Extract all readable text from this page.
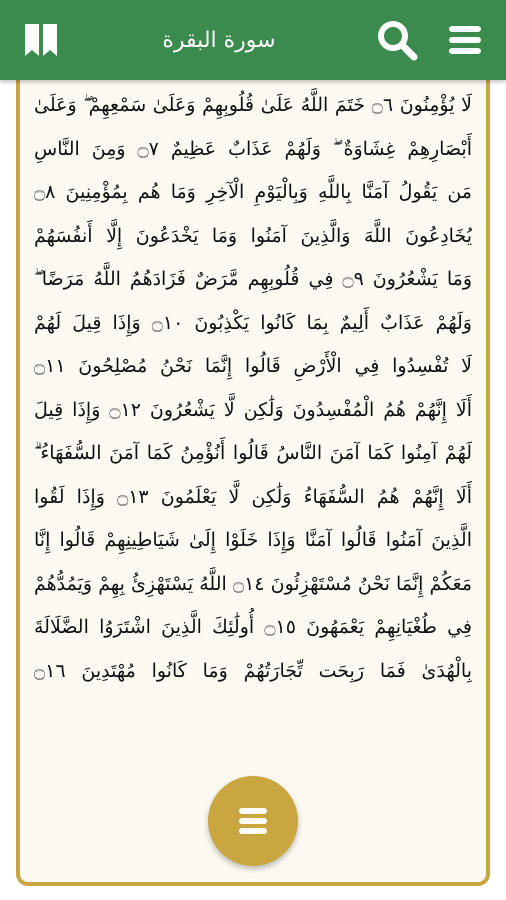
سورة البقرة
لَا يُؤْمِنُونَ ۝٦ خَتَمَ اللَّهُ عَلَىٰ قُلُوبِهِمْ وَعَلَىٰ سَمْعِهِمْ ۖ وَعَلَىٰ
أَبْصَارِهِمْ غِشَاوَةٌ ۖ وَلَهُمْ عَذَابٌ عَظِيمٌ ۝٧ وَمِنَ النَّاسِ
مَن يَقُولُ آمَنَّا بِاللَّهِ وَبِالْيَوْمِ الْآخِرِ وَمَا هُم بِمُؤْمِنِينَ ۝٨
يُخَادِعُونَ اللَّهَ وَالَّذِينَ آمَنُوا وَمَا يَخْدَعُونَ إِلَّا أَنفُسَهُمْ
وَمَا يَشْعُرُونَ ۝٩ فِي قُلُوبِهِم مَّرَضٌ فَزَادَهُمُ اللَّهُ مَرَضًا ۖ
وَلَهُمْ عَذَابٌ أَلِيمٌ بِمَا كَانُوا يَكْذِبُونَ ۝١٠ وَإِذَا قِيلَ لَهُمْ
لَا تُفْسِدُوا فِي الْأَرْضِ قَالُوا إِنَّمَا نَحْنُ مُصْلِحُونَ ۝١١
أَلَا إِنَّهُمْ هُمُ الْمُفْسِدُونَ وَلَٰكِن لَّا يَشْعُرُونَ ۝١٢ وَإِذَا قِيلَ
لَهُمْ آمِنُوا كَمَا آمَنَ النَّاسُ قَالُوا أَنُؤْمِنُ كَمَا آمَنَ السُّفَهَاءُ ۗ
أَلَا إِنَّهُمْ هُمُ السُّفَهَاءُ وَلَٰكِن لَّا يَعْلَمُونَ ۝١٣ وَإِذَا لَقُوا
الَّذِينَ آمَنُوا قَالُوا آمَنَّا وَإِذَا خَلَوْا إِلَىٰ شَيَاطِينِهِمْ قَالُوا إِنَّا
مَعَكُمْ إِنَّمَا نَحْنُ مُسْتَهْزِئُونَ ۝١٤ اللَّهُ يَسْتَهْزِئُ بِهِمْ وَيَمُدُّهُمْ
فِي طُغْيَانِهِمْ يَعْمَهُونَ ۝١٥ أُولَٰئِكَ الَّذِينَ اشْتَرَوُا الضَّلَالَةَ
بِالْهُدَىٰ فَمَا رَبِحَت تِّجَارَتُهُمْ وَمَا كَانُوا مُهْتَدِينَ ۝١٦
